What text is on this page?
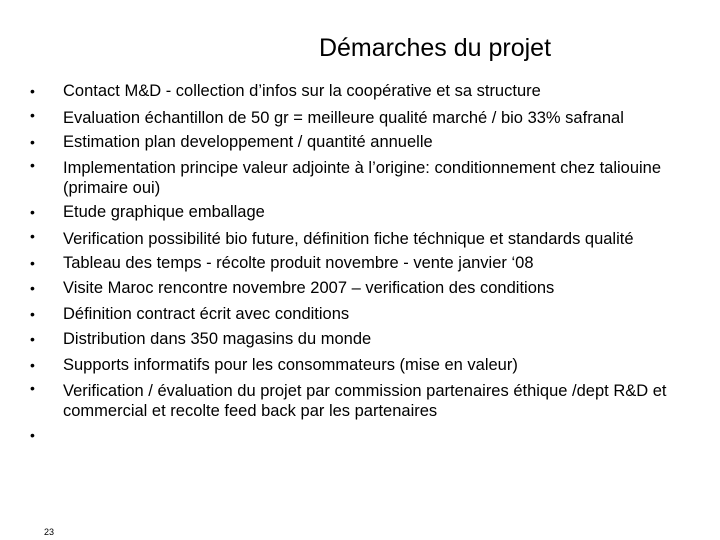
Démarches du projet
•	Contact M&D - collection d’infos sur la coopérative et sa structure
•	Evaluation échantillon de 50 gr = meilleure qualité marché / bio 33% safranal
•	Estimation plan developpement / quantité annuelle
•	Implementation principe valeur adjointe à l’origine: conditionnement chez taliouine (primaire oui)
•	Etude graphique emballage
•	Verification possibilité bio future, définition fiche téchnique et standards qualité
•	Tableau des temps - récolte produit novembre - vente janvier ‘08
•	Visite Maroc rencontre novembre 2007 – verification des conditions
•	Définition contract écrit avec conditions
•	Distribution dans 350 magasins du monde
•	Supports informatifs pour les consommateurs (mise en valeur)
•	Verification / évaluation du projet par commission partenaires éthique /dept R&D et commercial et recolte feed back par les partenaires
•
23
